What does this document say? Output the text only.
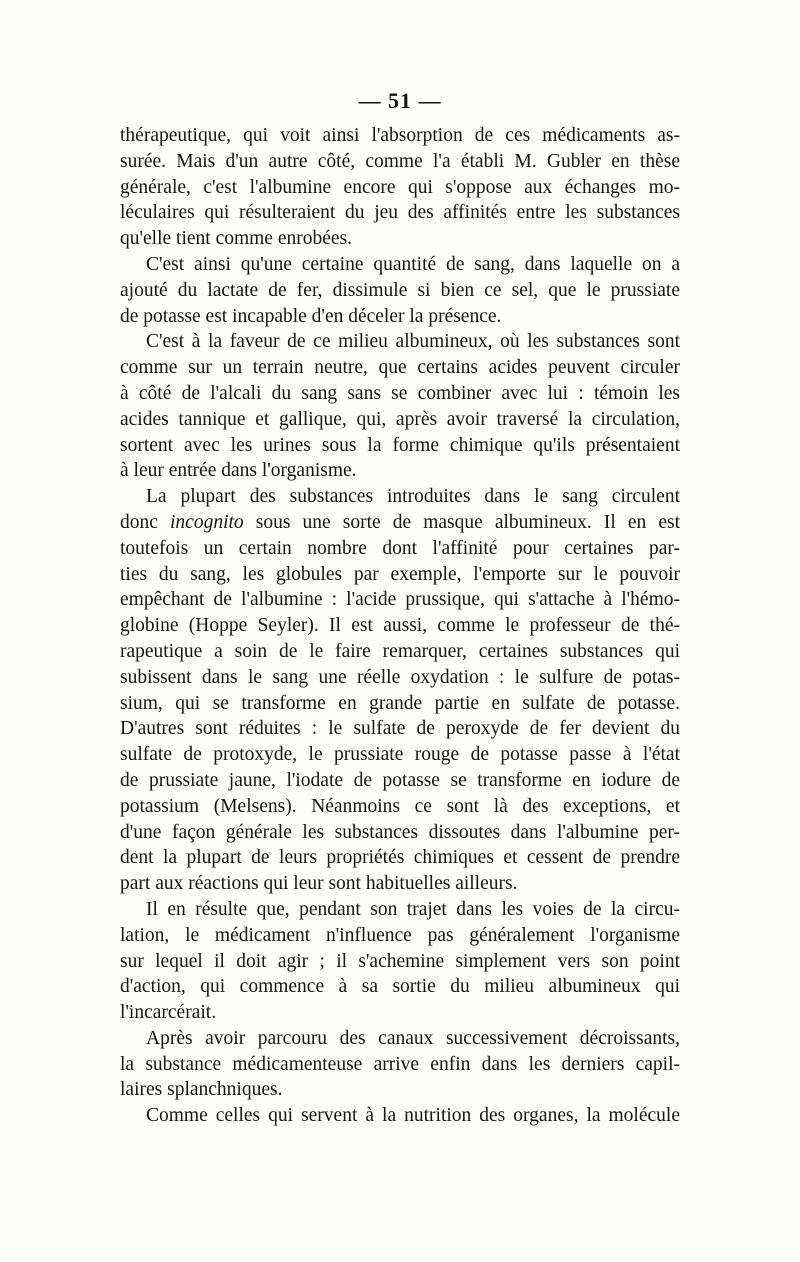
— 51 —
thérapeutique, qui voit ainsi l'absorption de ces médicaments as-
surée. Mais d'un autre côté, comme l'a établi M. Gubler en thèse
générale, c'est l'albumine encore qui s'oppose aux échanges mo-
léculaires qui résulteraient du jeu des affinités entre les substances
qu'elle tient comme enrobées.
C'est ainsi qu'une certaine quantité de sang, dans laquelle on a
ajouté du lactate de fer, dissimule si bien ce sel, que le prussiate
de potasse est incapable d'en déceler la présence.
C'est à la faveur de ce milieu albumineux, où les substances sont
comme sur un terrain neutre, que certains acides peuvent circuler
à côté de l'alcali du sang sans se combiner avec lui : témoin les
acides tannique et gallique, qui, après avoir traversé la circulation,
sortent avec les urines sous la forme chimique qu'ils présentaient
à leur entrée dans l'organisme.
La plupart des substances introduites dans le sang circulent
donc incognito sous une sorte de masque albumineux. Il en est
toutefois un certain nombre dont l'affinité pour certaines par-
ties du sang, les globules par exemple, l'emporte sur le pouvoir
empêchant de l'albumine : l'acide prussique, qui s'attache à l'hémo-
globine (Hoppe Seyler). Il est aussi, comme le professeur de thé-
rapeutique a soin de le faire remarquer, certaines substances qui
subissent dans le sang une réelle oxydation : le sulfure de potas-
sium, qui se transforme en grande partie en sulfate de potasse.
D'autres sont réduites : le sulfate de peroxyde de fer devient du
sulfate de protoxyde, le prussiate rouge de potasse passe à l'état
de prussiate jaune, l'iodate de potasse se transforme en iodure de
potassium (Melsens). Néanmoins ce sont là des exceptions, et
d'une façon générale les substances dissoutes dans l'albumine per-
dent la plupart de leurs propriétés chimiques et cessent de prendre
part aux réactions qui leur sont habituelles ailleurs.
Il en résulte que, pendant son trajet dans les voies de la circu-
lation, le médicament n'influence pas généralement l'organisme
sur lequel il doit agir ; il s'achemine simplement vers son point
d'action, qui commence à sa sortie du milieu albumineux qui
l'incarcérait.
Après avoir parcouru des canaux successivement décroissants,
la substance médicamenteuse arrive enfin dans les derniers capil-
laires splanchniques.
Comme celles qui servent à la nutrition des organes, la molécule
